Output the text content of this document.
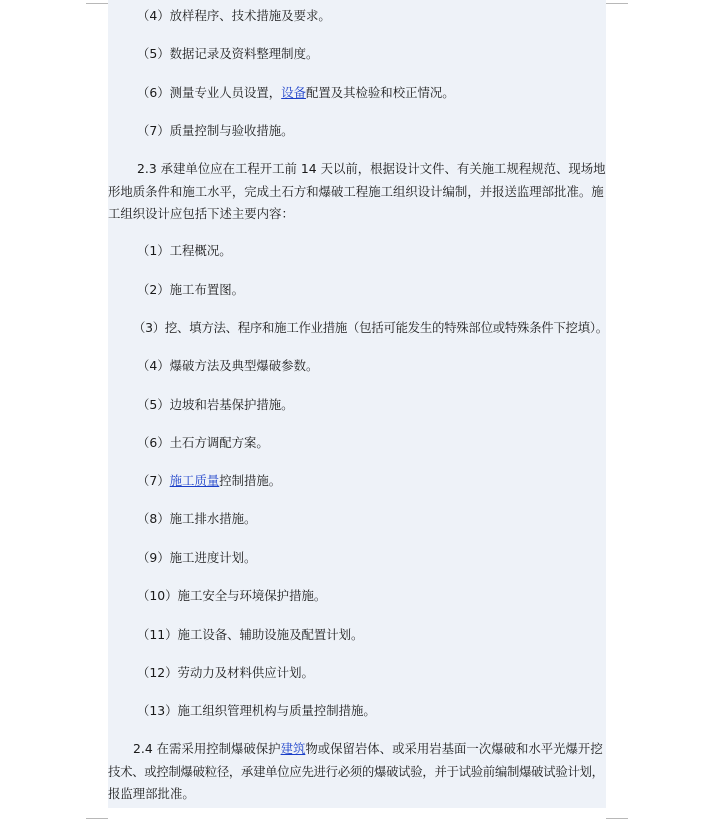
（4）放样程序、技术措施及要求。
（5）数据记录及资料整理制度。
（6）测量专业人员设置，设备配置及其检验和校正情况。
（7）质量控制与验收措施。
2.3 承建单位应在工程开工前 14 天以前，根据设计文件、有关施工规程规范、现场地
形地质条件和施工水平，完成土石方和爆破工程施工组织设计编制，并报送监理部批准。施
工组织设计应包括下述主要内容：
（1）工程概况。
（2）施工布置图。
（3）挖、填方法、程序和施工作业措施（包括可能发生的特殊部位或特殊条件下挖填）。
（4）爆破方法及典型爆破参数。
（5）边坡和岩基保护措施。
（6）土石方调配方案。
（7）施工质量控制措施。
（8）施工排水措施。
（9）施工进度计划。
（10）施工安全与环境保护措施。
（11）施工设备、辅助设施及配置计划。
（12）劳动力及材料供应计划。
（13）施工组织管理机构与质量控制措施。
2.4 在需采用控制爆破保护建筑物或保留岩体、或采用岩基面一次爆破和水平光爆开挖
技术、或控制爆破粒径，承建单位应先进行必须的爆破试验，并于试验前编制爆破试验计划，
报监理部批准。
